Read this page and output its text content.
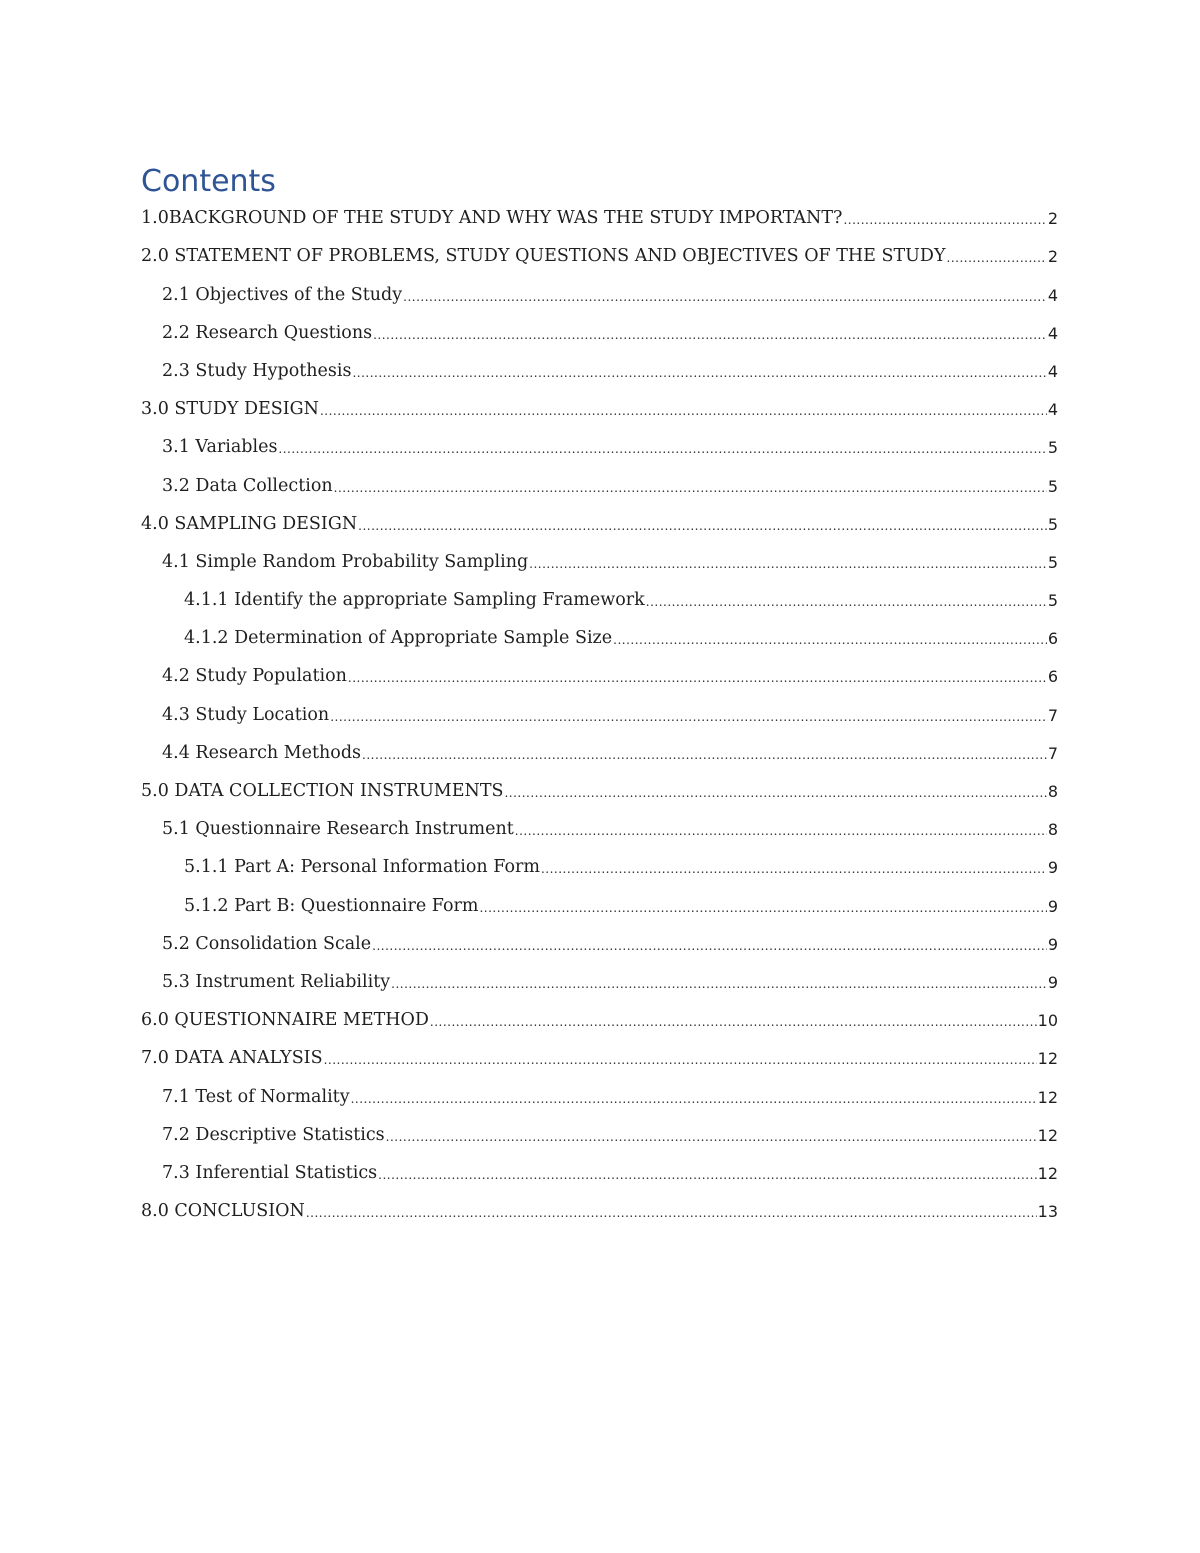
Contents
1.0 BACKGROUND OF THE STUDY AND WHY WAS THE STUDY IMPORTANT? .....	2
2.0 STATEMENT OF PROBLEMS, STUDY QUESTIONS AND OBJECTIVES OF THE STUDY .....	2
2.1 Objectives of the Study .....	4
2.2 Research Questions .....	4
2.3 Study Hypothesis .....	4
3.0 STUDY DESIGN .....	4
3.1 Variables .....	5
3.2 Data Collection .....	5
4.0 SAMPLING DESIGN .....	5
4.1 Simple Random Probability Sampling .....	5
4.1.1 Identify the appropriate Sampling Framework .....	5
4.1.2 Determination of Appropriate Sample Size .....	6
4.2 Study Population .....	6
4.3 Study Location .....	7
4.4 Research Methods .....	7
5.0 DATA COLLECTION INSTRUMENTS .....	8
5.1 Questionnaire Research Instrument .....	8
5.1.1 Part A: Personal Information Form .....	9
5.1.2 Part B: Questionnaire Form .....	9
5.2 Consolidation Scale .....	9
5.3 Instrument Reliability .....	9
6.0 QUESTIONNAIRE METHOD .....	10
7.0 DATA ANALYSIS .....	12
7.1 Test of Normality .....	12
7.2 Descriptive Statistics .....	12
7.3 Inferential Statistics .....	12
8.0 CONCLUSION .....	13
